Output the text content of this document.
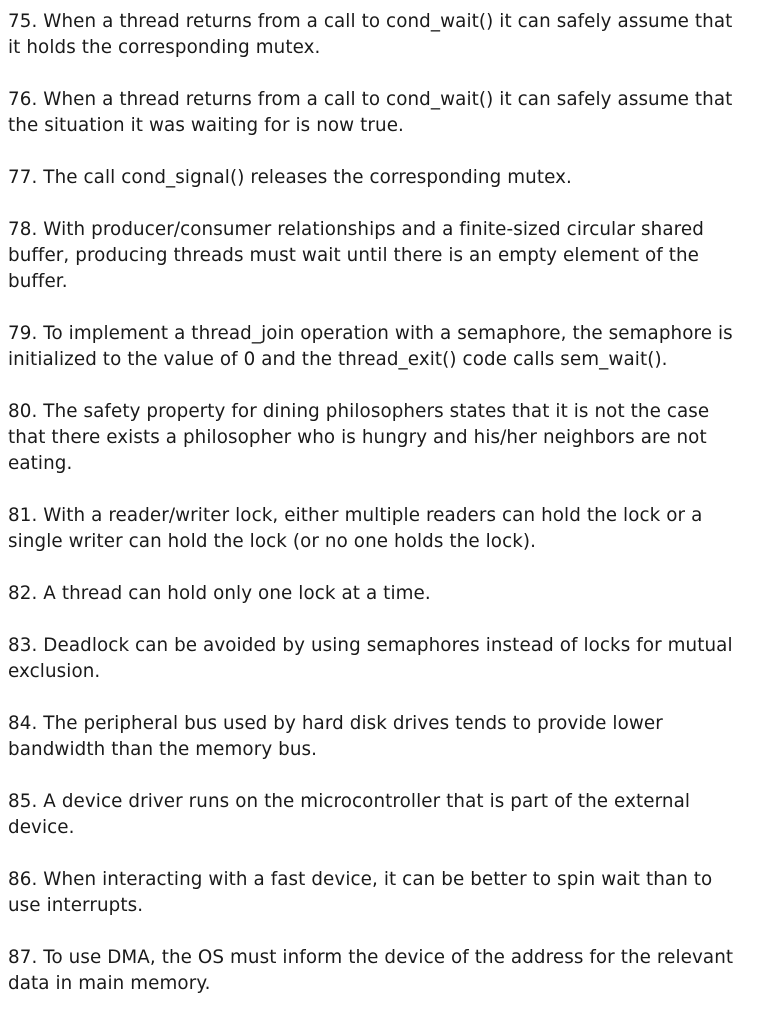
75. When a thread returns from a call to cond_wait() it can safely assume that it holds the corresponding mutex.

76. When a thread returns from a call to cond_wait() it can safely assume that the situation it was waiting for is now true.

77. The call cond_signal() releases the corresponding mutex.

78. With producer/consumer relationships and a finite-sized circular shared buffer, producing threads must wait until there is an empty element of the buffer.

79. To implement a thread_join operation with a semaphore, the semaphore is initialized to the value of 0 and the thread_exit() code calls sem_wait().

80. The safety property for dining philosophers states that it is not the case that there exists a philosopher who is hungry and his/her neighbors are not eating.

81. With a reader/writer lock, either multiple readers can hold the lock or a single writer can hold the lock (or no one holds the lock).

82. A thread can hold only one lock at a time.

83. Deadlock can be avoided by using semaphores instead of locks for mutual exclusion.

84. The peripheral bus used by hard disk drives tends to provide lower bandwidth than the memory bus.

85. A device driver runs on the microcontroller that is part of the external device.

86. When interacting with a fast device, it can be better to spin wait than to use interrupts.

87. To use DMA, the OS must inform the device of the address for the relevant data in main memory.
